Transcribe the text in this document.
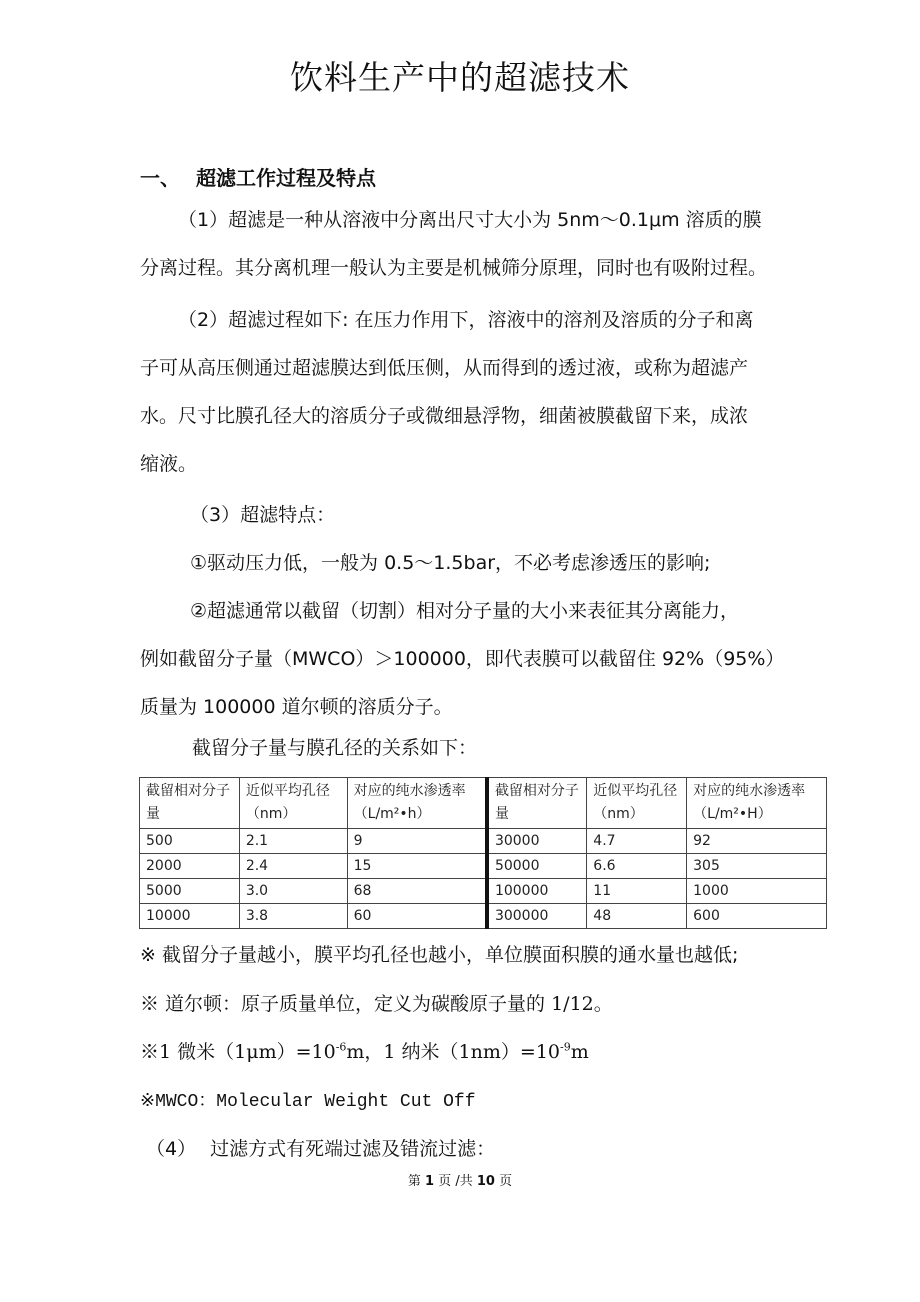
饮料生产中的超滤技术
一、 超滤工作过程及特点
（1）超滤是一种从溶液中分离出尺寸大小为 5nm～0.1μm 溶质的膜
分离过程。其分离机理一般认为主要是机械筛分原理，同时也有吸附过程。
（2）超滤过程如下: 在压力作用下，溶液中的溶剂及溶质的分子和离
子可从高压侧通过超滤膜达到低压侧，从而得到的透过液，或称为超滤产
水。尺寸比膜孔径大的溶质分子或微细悬浮物，细菌被膜截留下来，成浓
缩液。
（3）超滤特点：
①驱动压力低，一般为 0.5～1.5bar，不必考虑渗透压的影响;
②超滤通常以截留（切割）相对分子量的大小来表征其分离能力，
例如截留分子量（MWCO）＞100000，即代表膜可以截留住 92%（95%）
质量为 100000 道尔顿的溶质分子。
截留分子量与膜孔径的关系如下：
截留相对分子量	近似平均孔径（nm）	对应的纯水渗透率（L/m²•h）	截留相对分子量	近似平均孔径（nm）	对应的纯水渗透率（L/m²•H）
500	2.1	9	30000	4.7	92
2000	2.4	15	50000	6.6	305
5000	3.0	68	100000	11	1000
10000	3.8	60	300000	48	600
※ 截留分子量越小，膜平均孔径也越小，单位膜面积膜的通水量也越低;
※ 道尔顿：原子质量单位，定义为碳酸原子量的 1/12。
※1 微米$(1\mu m)=10^{-6}m$，1 纳米$(1nm)=10^{-9}m$
※MWCO：Molecular Weight Cut Off
（4） 过滤方式有死端过滤及错流过滤：
第 1 页 /共 10 页
